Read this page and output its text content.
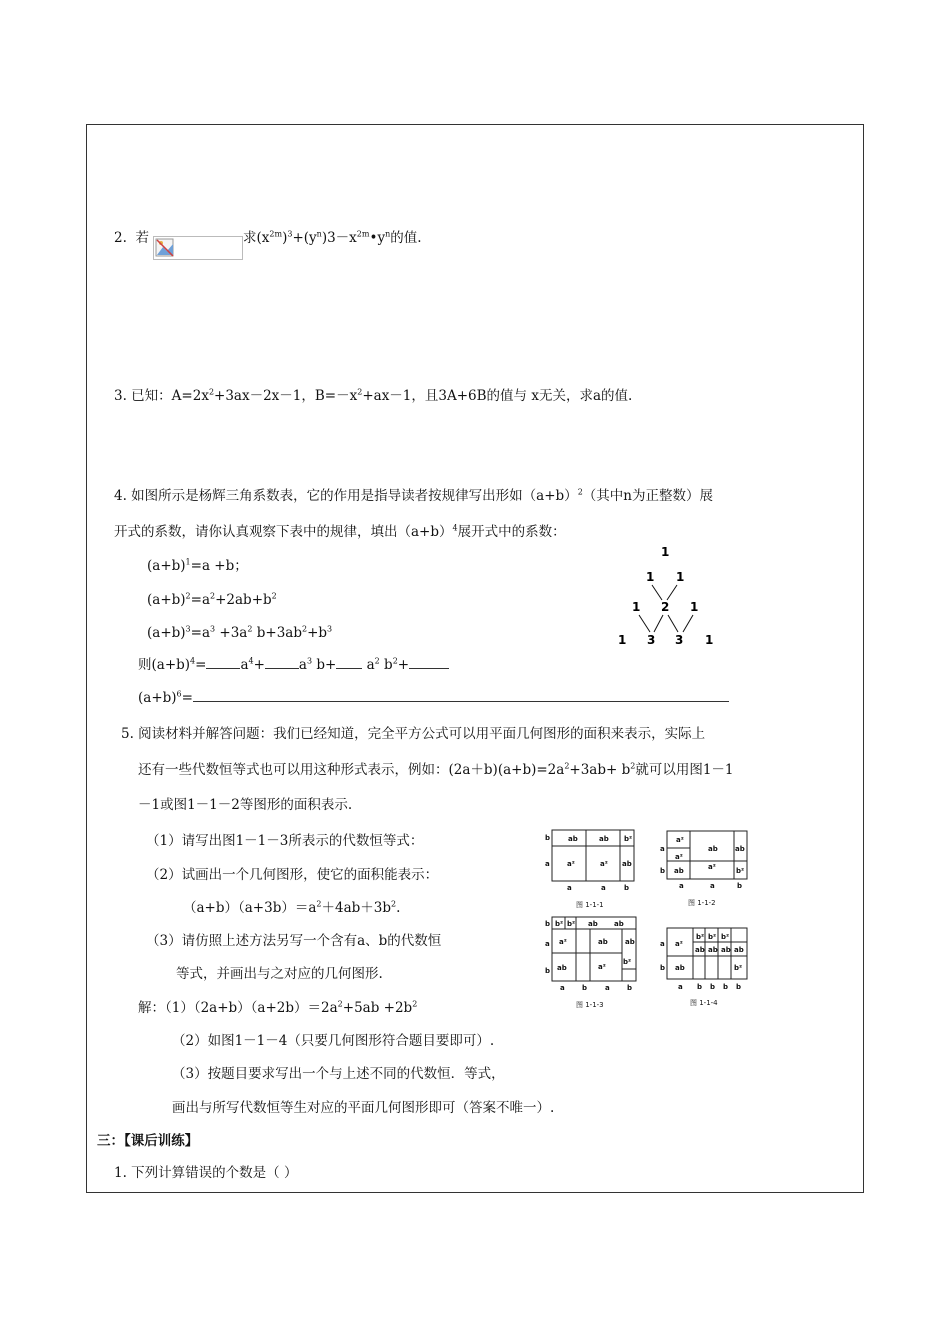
2. 若	求$(x^{2m})^3+(y^n)3-x^{2m}•y^n$的值.
3. 已知：$A=2x^2+3ax-2x-1$，$B=-x^2+ax-1$，且3A+6B的值与 x无关，求a的值.
4. 如图所示是杨辉三角系数表，它的作用是指导读者按规律写出形如$(a+b)^2$（其中n为正整数）展
开式的系数，请你认真观察下表中的规律，填出$(a+b)^4$展开式中的系数：
$(a+b)^1=a +b$；
$(a+b)^2=a^2+2ab+b^2$
$(a+b)^3=a^3 +3a^2$ $b+3ab^2+b^3$
则$(a+b)^4=$	$a^4+$	$a^3$ $b+ a^2$ $b^2+$
$(a+b)^6=$
1
1 1
1 2 1
1 3 3 1
5. 阅读材料并解答问题：我们已经知道，完全平方公式可以用平面几何图形的面积来表示，实际上
还有一些代数恒等式也可以用这种形式表示，例如：$(2a+b)(a+b)=2a^2+3ab+ b^2$就可以用图1－1
－1或图1－1－2等图形的面积表示.
（1）请写出图1－1－3所表示的代数恒等式：
（2）试画出一个几何图形，使它的面积能表示：
$(a+b)(a+3b)=a^2+4ab+3b^2$.
（3）请仿照上述方法另写一个含有a、b的代数恒
等式，并画出与之对应的几何图形.
解：$(1)(2a+b)(a+2b)=2a^2+5ab +2b^2$
（2）如图1－1－4（只要几何图形符合题目要即可）.
（3）按题目要求写出一个与上述不同的代数恒．等式，
画出与所写代数恒等生对应的平面几何图形即可（答案不唯一）.
ab	ab b²
a²	a² ab
b
a
a	a	b
a²
ab ab
a²
ab	a²	b²
a
b
a	a	b
b² b² ab ab
a²	ab ab
a²
ab
b²
b
a
b
a b	a b
a²
b² b² b²
ab ab ab ab
ab	b²
a
b
a b b b b
图 1-1-1	图 1-1-2
图 1-1-3	图 1-1-4
三：【课后训练】
1. 下列计算错误的个数是（ ）
